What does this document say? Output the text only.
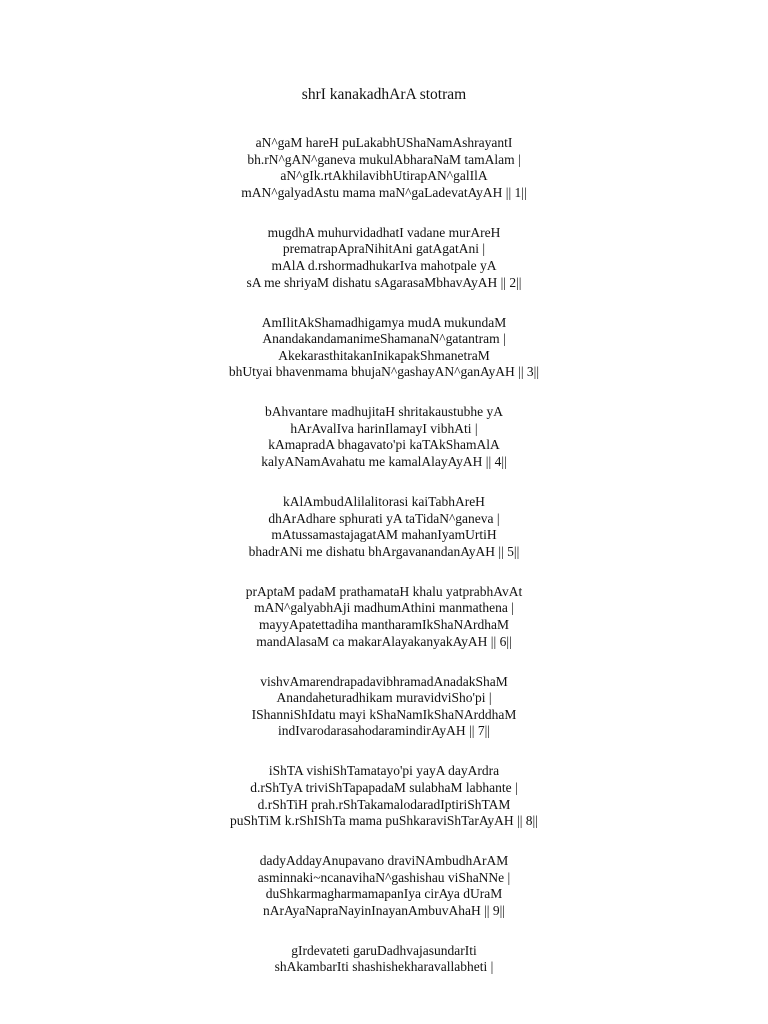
shrI kanakadhArA stotram
aN^gaM hareH puLakabhUShaNamAshrayantI
bh.rN^gAN^ganeva mukulAbharaNaM tamAlam |
aN^gIk.rtAkhilavibhUtirapAN^galIlA
mAN^galyadAstu mama maN^gaLadevatAyAH || 1||
mugdhA muhurvidadhatI vadane murAreH
prematrapApraNihitAni gatAgatAni |
mAlA d.rshormadhukarIva mahotpale yA
sA me shriyaM dishatu sAgarasaMbhavAyAH || 2||
AmIlitAkShamadhigamya mudA mukundaM
AnandakandamanimeShamanaN^gatantram |
AkekarasthitakanInikapakShmanetraM
bhUtyai bhavenmama bhujaN^gashayAN^ganAyAH || 3||
bAhvantare madhujitaH shritakaustubhe yA
hArAvalIva harinIlamayI vibhAti |
kAmapradA bhagavato'pi kaTAkShamAlA
kalyANamAvahatu me kamalAlayAyAH || 4||
kAlAmbudAlilalitorasi kaiTabhAreH
dhArAdhare sphurati yA taTidaN^ganeva |
mAtussamastajagatAM mahanIyamUrtiH
bhadrANi me dishatu bhArgavanandanAyAH || 5||
prAptaM padaM prathamataH khalu yatprabhAvAt
mAN^galyabhAji madhumAthini manmathena |
mayyApatettadiha mantharamIkShaNArdhaM
mandAlasaM ca makarAlayakanyakAyAH || 6||
vishvAmarendrapadavibhramadAnadakShaM
Anandaheturadhikam muravidviSho'pi |
IShanniShIdatu mayi kShaNamIkShaNArddhaM
indIvarodarasahodaramindirAyAH || 7||
iShTA vishiShTamatayo'pi yayA dayArdra
d.rShTyA triviShTapapadaM sulabhaM labhante |
d.rShTiH prah.rShTakamalodaradIptiriShTAM
puShTiM k.rShIShTa mama puShkaraviShTarAyAH || 8||
dadyAddayAnupavano draviNAmbudhArAM
asminnaki~ncanavihaN^gashishau viShaNNe |
duShkarmagharmamapanIya cirAya dUraM
nArAyaNapraNayinInayanAmbuvAhaH || 9||
gIrdevateti garuDadhvajasundarIti
shAkambarIti shashishekharavallabheti |
